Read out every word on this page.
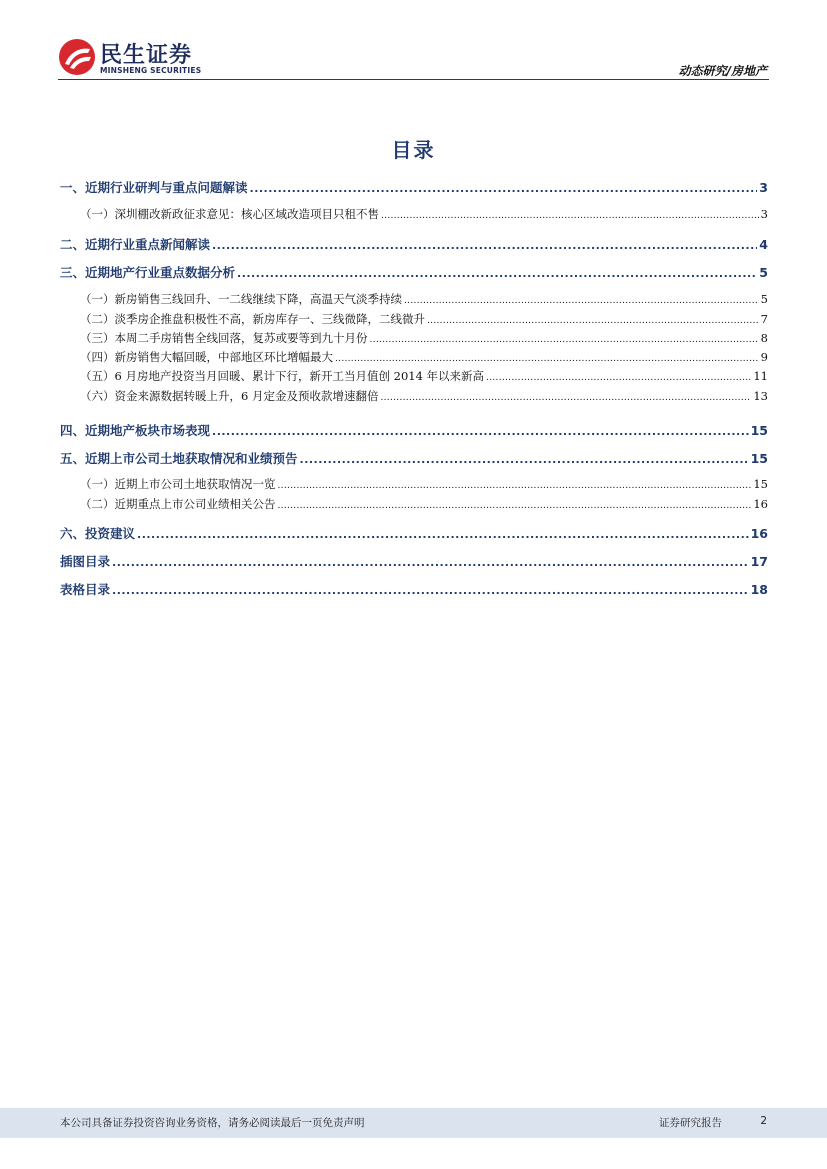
民生证券
MINSHENG SECURITIES	动态研究/房地产
目录
一、近期行业研判与重点问题解读 .....	3
（一）深圳棚改新政征求意见：核心区域改造项目只租不售 .....	3
二、近期行业重点新闻解读 .....	4
三、近期地产行业重点数据分析 .....	5
（一）新房销售三线回升、一二线继续下降，高温天气淡季持续 .....	5
（二）淡季房企推盘积极性不高，新房库存一、三线微降，二线微升 .....	7
（三）本周二手房销售全线回落，复苏或要等到九十月份 .....	8
（四）新房销售大幅回暖，中部地区环比增幅最大 .....	9
（五）6 月房地产投资当月回暖、累计下行，新开工当月值创 2014 年以来新高 .....	11
（六）资金来源数据转暖上升，6 月定金及预收款增速翻倍 .....	13
四、近期地产板块市场表现 .....	15
五、近期上市公司土地获取情况和业绩预告 .....	15
（一）近期上市公司土地获取情况一览 .....	15
（二）近期重点上市公司业绩相关公告 .....	16
六、投资建议 .....	16
插图目录 .....	17
表格目录 .....	18
本公司具备证券投资咨询业务资格，请务必阅读最后一页免责声明	证券研究报告	2
